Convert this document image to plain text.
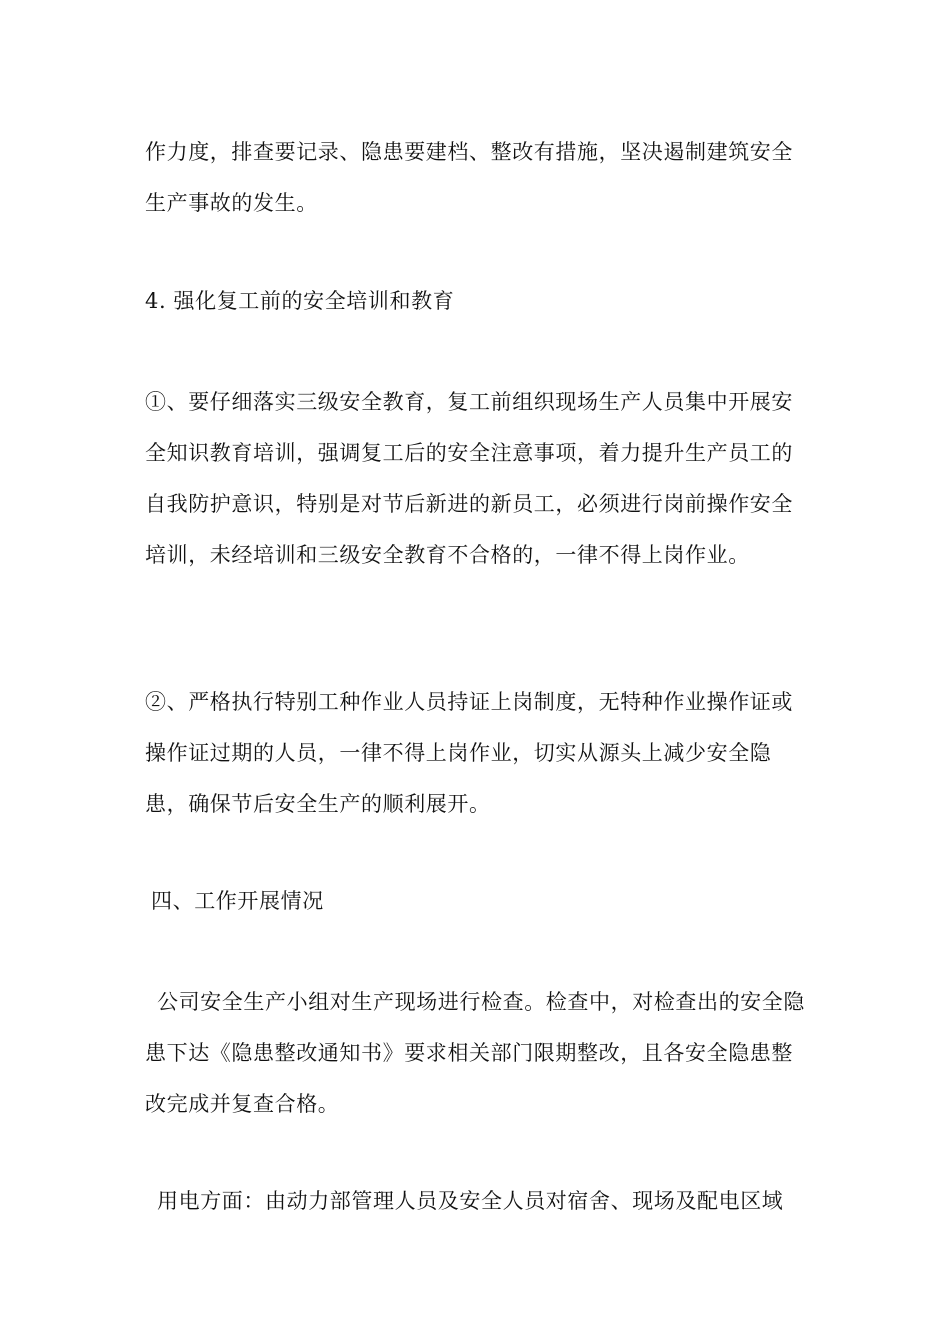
作力度，排查要记录、隐患要建档、整改有措施，坚决遏制建筑安全生产事故的发生。

4. 强化复工前的安全培训和教育

①、要仔细落实三级安全教育，复工前组织现场生产人员集中开展安全知识教育培训，强调复工后的安全注意事项，着力提升生产员工的自我防护意识，特别是对节后新进的新员工，必须进行岗前操作安全培训，未经培训和三级安全教育不合格的，一律不得上岗作业。

②、严格执行特别工种作业人员持证上岗制度，无特种作业操作证或操作证过期的人员，一律不得上岗作业，切实从源头上减少安全隐患，确保节后安全生产的顺利展开。

四、工作开展情况

公司安全生产小组对生产现场进行检查。检查中，对检查出的安全隐患下达《隐患整改通知书》要求相关部门限期整改，且各安全隐患整改完成并复查合格。

用电方面：由动力部管理人员及安全人员对宿舍、现场及配电区域
